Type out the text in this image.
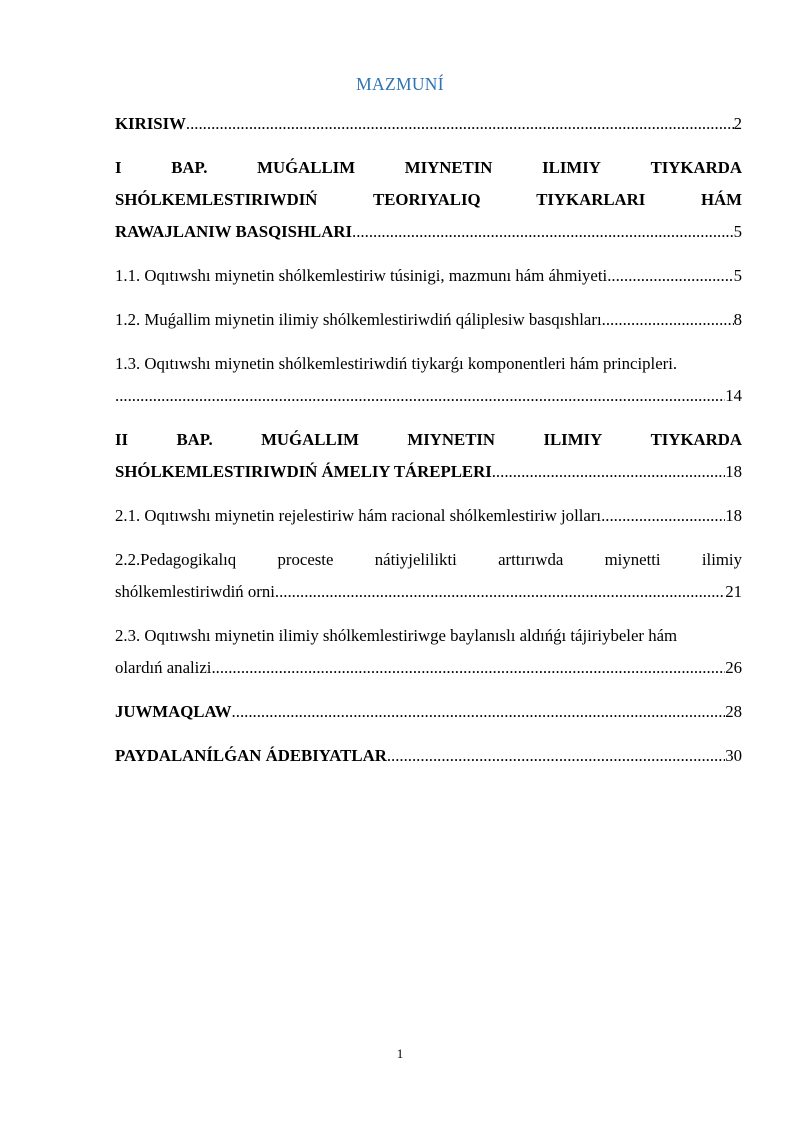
MAZMUNÍ
KIRISIW .....	2
I	BAP.	MUǴALLIM	MIYNETIN	ILIMIY	TIYKARDA
SHÓLKEMLESTIRIWDIŃ	TEORIYALIQ	TIYKARLARI	HÁM
RAWAJLANIW BASQISHLARI .....	5
1.1. Oqıtıwshı miynetin shólkemlestiriw túsinigi, mazmunı hám áhmiyeti .....	5
1.2. Muǵallim miynetin ilimiy shólkemlestiriwdiń qáliplesiw basqıshları .....	8
1.3. Oqıtıwshı miynetin shólkemlestiriwdiń tiykarǵı komponentleri hám principleri.
.....
14
II	BAP.	MUǴALLIM	MIYNETIN	ILIMIY	TIYKARDA
SHÓLKEMLESTIRIWDIŃ ÁMELIY TÁREPLERI .....	18
2.1. Oqıtıwshı miynetin rejelestiriw hám racional shólkemlestiriw jolları .....	18
2.2.Pedagogikalıq proceste nátiyjelilikti arttırıwda miynetti ilimiy
shólkemlestiriwdiń orni .....	21
2.3. Oqıtıwshı miynetin ilimiy shólkemlestiriwge baylanıslı aldıńǵı tájiriybeler hám
olardıń analizi .....	26
JUWMAQLAW .....	28
PAYDALANÍLǴAN ÁDEBIYATLAR .....	30
1
